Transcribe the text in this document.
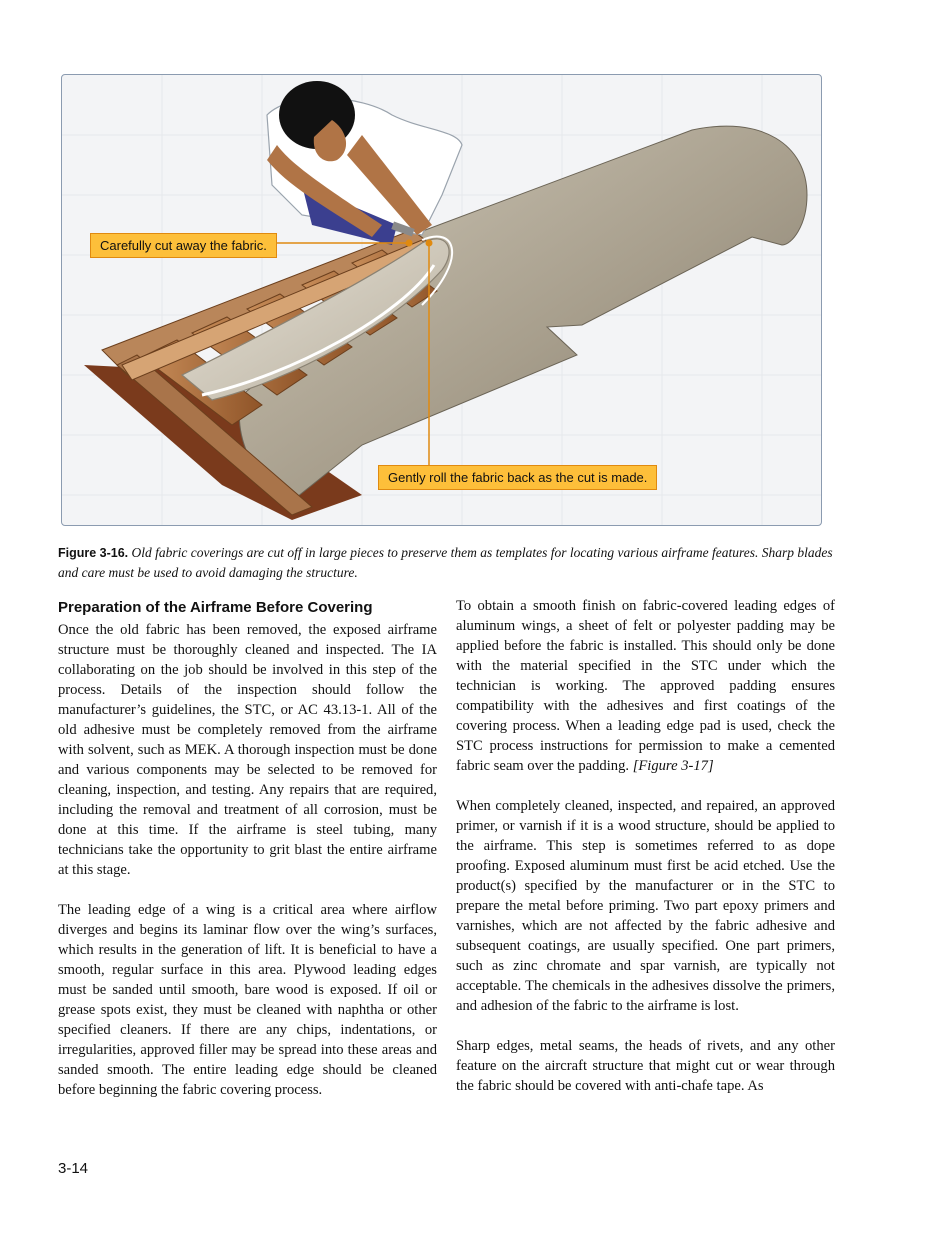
Carefully cut away the fabric.
Gently roll the fabric back as the cut is made.
Figure 3-16. Old fabric coverings are cut off in large pieces to preserve them as templates for locating various airframe features. Sharp blades and care must be used to avoid damaging the structure.
Preparation of the Airframe Before Covering

Once the old fabric has been removed, the exposed airframe structure must be thoroughly cleaned and inspected. The IA collaborating on the job should be involved in this step of the process. Details of the inspection should follow the manufacturer’s guidelines, the STC, or AC 43.13-1. All of the old adhesive must be completely removed from the airframe with solvent, such as MEK. A thorough inspection must be done and various components may be selected to be removed for cleaning, inspection, and testing. Any repairs that are required, including the removal and treatment of all corrosion, must be done at this time. If the airframe is steel tubing, many technicians take the opportunity to grit blast the entire airframe at this stage.

The leading edge of a wing is a critical area where airflow diverges and begins its laminar flow over the wing’s surfaces, which results in the generation of lift. It is beneficial to have a smooth, regular surface in this area. Plywood leading edges must be sanded until smooth, bare wood is exposed. If oil or grease spots exist, they must be cleaned with naphtha or other specified cleaners. If there are any chips, indentations, or irregularities, approved filler may be spread into these areas and sanded smooth. The entire leading edge should be cleaned before beginning the fabric covering process.

To obtain a smooth finish on fabric-covered leading edges of aluminum wings, a sheet of felt or polyester padding may be applied before the fabric is installed. This should only be done with the material specified in the STC under which the technician is working. The approved padding ensures compatibility with the adhesives and first coatings of the covering process. When a leading edge pad is used, check the STC process instructions for permission to make a cemented fabric seam over the padding. [Figure 3-17]

When completely cleaned, inspected, and repaired, an approved primer, or varnish if it is a wood structure, should be applied to the airframe. This step is sometimes referred to as dope proofing. Exposed aluminum must first be acid etched. Use the product(s) specified by the manufacturer or in the STC to prepare the metal before priming. Two part epoxy primers and varnishes, which are not affected by the fabric adhesive and subsequent coatings, are usually specified. One part primers, such as zinc chromate and spar varnish, are typically not acceptable. The chemicals in the adhesives dissolve the primers, and adhesion of the fabric to the airframe is lost.

Sharp edges, metal seams, the heads of rivets, and any other feature on the aircraft structure that might cut or wear through the fabric should be covered with anti-chafe tape. As

3-14
